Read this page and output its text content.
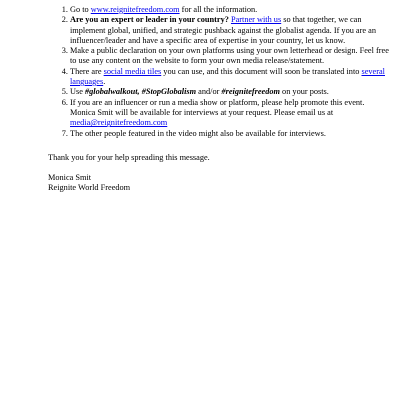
1. Go to www.reignitefreedom.com for all the information.
2. Are you an expert or leader in your country? Partner with us so that together, we can implement global, unified, and strategic pushback against the globalist agenda. If you are an influencer/leader and have a specific area of expertise in your country, let us know.
3. Make a public declaration on your own platforms using your own letterhead or design. Feel free to use any content on the website to form your own media release/statement.
4. There are social media tiles you can use, and this document will soon be translated into several languages.
5. Use #globalwalkout, #StopGlobalism and/or #reignitefreedom on your posts.
6. If you are an influencer or run a media show or platform, please help promote this event. Monica Smit will be available for interviews at your request. Please email us at media@reignitefreedom.com
7. The other people featured in the video might also be available for interviews.

Thank you for your help spreading this message.

Monica Smit
Reignite World Freedom
